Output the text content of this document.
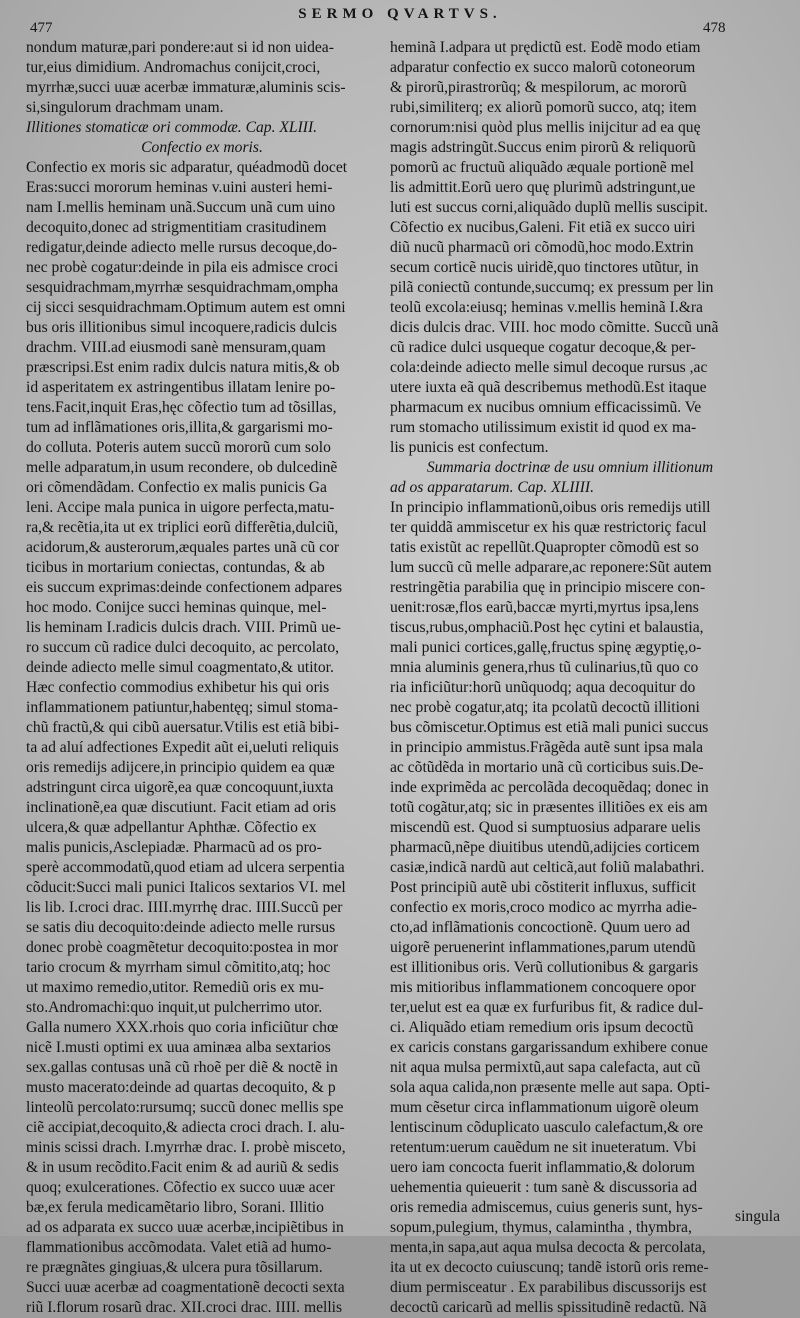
SERMO QVARTVS.
477	478
nondum maturæ,pari pondere:aut si id non uidea-
tur,eius dimidium. Andromachus conijcit,croci,
myrrhæ,succi uuæ acerbæ immaturæ,aluminis scis-
si,singulorum drachmam unam.
Illitiones stomaticæ ori commodæ. Cap. XLIII.
Confectio ex moris.
Confectio ex moris sic adparatur, quéadmodũ docet
Eras:succi mororum heminas v.uini austeri hemi-
nam I.mellis heminam unã.Succum unã cum uino
decoquito,donec ad strigmentitiam crasitudinem
redigatur,deinde adiecto melle rursus decoque,do-
nec probè cogatur:deinde in pila eis admisce croci
sesquidrachmam,myrrhæ sesquidrachmam,ompha
cij sicci sesquidrachmam.Optimum autem est omni
bus oris illitionibus simul incoquere,radicis dulcis
drachm. VIII.ad eiusmodi sanè mensuram,quam
præscripsi.Est enim radix dulcis natura mitis,& ob
id asperitatem ex astringentibus illatam lenire po-
tens.Facit,inquit Eras,hęc cõfectio tum ad tõsillas,
tum ad inflãmationes oris,illita,& gargarismi mo-
do colluta. Poteris autem succũ mororũ cum solo
melle adparatum,in usum recondere, ob dulcedinẽ
ori cõmendãdam. Confectio ex malis punicis Ga
leni. Accipe mala punica in uigore perfecta,matu-
ra,& recẽtia,ita ut ex triplici eorũ differẽtia,dulciũ,
acidorum,& austerorum,æquales partes unã cũ cor
ticibus in mortarium coniectas, contundas, & ab
eis succum exprimas:deinde confectionem adpares
hoc modo. Conijce succi heminas quinque, mel-
lis heminam I.radicis dulcis drach. VIII. Primũ ue-
ro succum cũ radice dulci decoquito, ac percolato,
deinde adiecto melle simul coagmentato,& utitor.
Hæc confectio commodius exhibetur his qui oris
inflammationem patiuntur,habentęq; simul stoma-
chũ fractũ,& qui cibũ auersatur.Vtilis est etiã bibi-
ta ad aluí adfectiones Expedit aũt ei,ueluti reliquis
oris remedijs adijcere,in principio quidem ea quæ
adstringunt circa uigorẽ,ea quæ concoquunt,iuxta
inclinationẽ,ea quæ discutiunt. Facit etiam ad oris
ulcera,& quæ adpellantur Aphthæ. Cõfectio ex
malis punicis,Asclepiadæ. Pharmacũ ad os pro-
sperè accommodatũ,quod etiam ad ulcera serpentia
cõducit:Succi mali punici Italicos sextarios VI. mel
lis lib. I.croci drac. IIII.myrrhę drac. IIII.Succũ per
se satis diu decoquito:deinde adiecto melle rursus
donec probè coagmẽtetur decoquito:postea in mor
tario crocum & myrrham simul cõmitito,atq; hoc
ut maximo remedio,utitor. Remediũ oris ex mu-
sto.Andromachi:quo inquit,ut pulcherrimo utor.
Galla numero XXX.rhois quo coria inficiũtur chœ
nicẽ I.musti optimi ex uua aminæa alba sextarios
sex.gallas contusas unã cũ rhoẽ per diẽ & noctẽ in
musto macerato:deinde ad quartas decoquito, & p
linteolũ percolato:rursumq; succũ donec mellis spe
ciẽ accipiat,decoquito,& adiecta croci drach. I. alu-
minis scissi drach. I.myrrhæ drac. I. probè misceto,
& in usum recõdito.Facit enim & ad auriũ & sedis
quoq; exulcerationes. Cõfectio ex succo uuæ acer
bæ,ex ferula medicamẽtario libro, Sorani. Illitio
ad os adparata ex succo uuæ acerbæ,incipiẽtibus in
flammationibus accõmodata. Valet etiã ad humo-
re prægnãtes gingiuas,& ulcera pura tõsillarum.
Succi uuæ acerbæ ad coagmentationẽ decocti sexta
riũ I.florum rosarũ drac. XII.croci drac. IIII. mellis
heminã I.adpara ut prędictũ est. Eodẽ modo etiam
adparatur confectio ex succo malorũ cotoneorum
& pirorũ,pirastrorũq; & mespilorum, ac mororũ
rubi,similiterq; ex aliorũ pomorũ succo, atq; item
cornorum:nisi quòd plus mellis inijcitur ad ea quę
magis adstringũt.Succus enim pirorũ & reliquorũ
pomorũ ac fructuũ aliquãdo æquale portionẽ mel
lis admittit.Eorũ uero quę plurimũ adstringunt,ue
luti est succus corni,aliquãdo duplũ mellis suscipit.
Cõfectio ex nucibus,Galeni. Fit etiã ex succo uiri
diũ nucũ pharmacũ ori cõmodũ,hoc modo.Extrin
secum corticẽ nucis uiridẽ,quo tinctores utũtur, in
pilã coniectũ contunde,succumq; ex pressum per lin
teolũ excola:eiusq; heminas v.mellis heminã I.&ra
dicis dulcis drac. VIII. hoc modo cõmitte. Succũ unã
cũ radice dulci usqueque cogatur decoque,& per-
cola:deinde adiecto melle simul decoque rursus ,ac
utere iuxta eã quã describemus methodũ.Est itaque
pharmacum ex nucibus omnium efficacissimũ. Ve
rum stomacho utilissimum existit id quod ex ma-
lis punicis est confectum.
Summaria doctrinæ de usu omnium illitionum
ad os apparatarum. Cap. XLIIII.
In principio inflammationũ,oibus oris remedijs utill
ter quiddã ammiscetur ex his quæ restrictoriç facul
tatis existũt ac repellũt.Quapropter cõmodũ est so
lum succũ cũ melle adparare,ac reponere:Sũt autem
restringẽtia parabilia quę in principio miscere con-
uenit:rosæ,flos earũ,baccæ myrti,myrtus ipsa,lens
tiscus,rubus,omphaciũ.Post hęc cytini et balaustia,
mali punici cortices,gallę,fructus spinę ægyptię,o-
mnia aluminis genera,rhus tũ culinarius,tũ quo co
ria inficiũtur:horũ unũquodq; aqua decoquitur do
nec probè cogatur,atq; ita pcolatũ decoctũ illitioni
bus cõmiscetur.Optimus est etiã mali punici succus
in principio ammistus.Frãgẽda autẽ sunt ipsa mala
ac cõtũdẽda in mortario unã cũ corticibus suis.De-
inde exprimẽda ac percolãda decoquẽdaq; donec in
totũ cogãtur,atq; sic in præsentes illitiões ex eis am
miscendũ est. Quod si sumptuosius adparare uelis
pharmacũ,nẽpe diuitibus utendũ,adijcies corticem
casiæ,indicã nardũ aut celticã,aut foliũ malabathri.
Post principiũ autẽ ubi cõstiterit influxus, sufficit
confectio ex moris,croco modico ac myrrha adie-
cto,ad inflãmationis concoctionẽ. Quum uero ad
uigorẽ peruenerint inflammationes,parum utendũ
est illitionibus oris. Verũ collutionibus & gargaris
mis mitioribus inflammationem concoquere opor
ter,uelut est ea quæ ex furfuribus fit, & radice dul-
ci. Aliquãdo etiam remedium oris ipsum decoctũ
ex caricis constans gargarissandum exhibere conue
nit aqua mulsa permixtũ,aut sapa calefacta, aut cũ
sola aqua calida,non præsente melle aut sapa. Opti-
mum cẽsetur circa inflammationum uigorẽ oleum
lentiscinum cõduplicato uasculo calefactum,& ore
retentum:uerum cauẽdum ne sit inueteratum. Vbi
uero iam concocta fuerit inflammatio,& dolorum
uehementia quieuerit : tum sanè & discussoria ad
oris remedia admiscemus, cuius generis sunt, hys-
sopum,pulegium, thymus, calamintha , thymbra,
menta,in sapa,aut aqua mulsa decocta & percolata,
ita ut ex decocto cuiuscunq; tandẽ istorũ oris reme-
dium permisceatur . Ex parabilibus discussorijs est
decoctũ caricarũ ad mellis spissitudinẽ redactũ. Nã
singula
